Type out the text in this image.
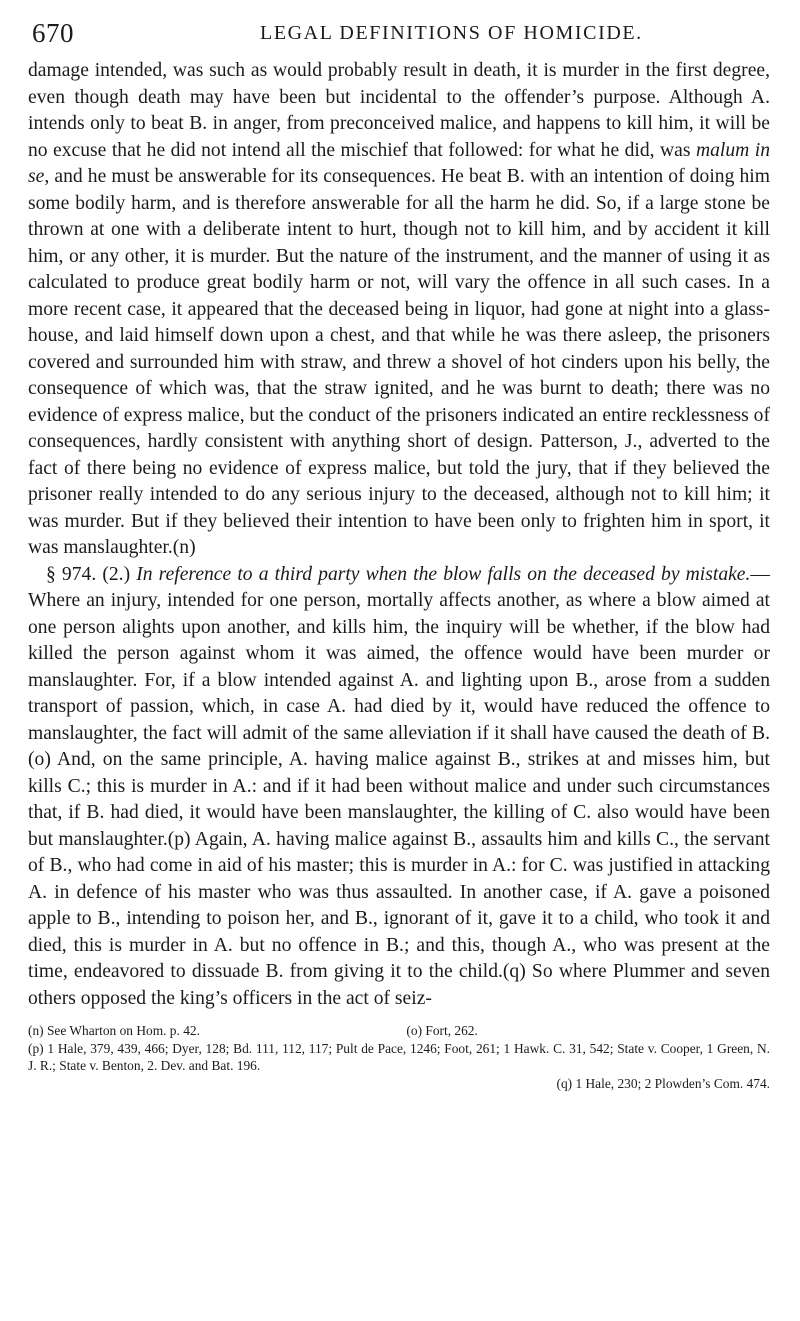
670	LEGAL DEFINITIONS OF HOMICIDE.

damage intended, was such as would probably result in death, it is murder in the first degree, even though death may have been but incidental to the offender’s purpose. Although A. intends only to beat B. in anger, from preconceived malice, and happens to kill him, it will be no excuse that he did not intend all the mischief that followed: for what he did, was malum in se, and he must be answerable for its consequences. He beat B. with an intention of doing him some bodily harm, and is therefore answerable for all the harm he did. So, if a large stone be thrown at one with a deliberate intent to hurt, though not to kill him, and by accident it kill him, or any other, it is murder. But the nature of the instrument, and the manner of using it as calculated to produce great bodily harm or not, will vary the offence in all such cases. In a more recent case, it appeared that the deceased being in liquor, had gone at night into a glass-house, and laid himself down upon a chest, and that while he was there asleep, the prisoners covered and surrounded him with straw, and threw a shovel of hot cinders upon his belly, the consequence of which was, that the straw ignited, and he was burnt to death; there was no evidence of express malice, but the conduct of the prisoners indicated an entire recklessness of consequences, hardly consistent with anything short of design. Patterson, J., adverted to the fact of there being no evidence of express malice, but told the jury, that if they believed the prisoner really intended to do any serious injury to the deceased, although not to kill him; it was murder. But if they believed their intention to have been only to frighten him in sport, it was manslaughter.(n)

§ 974. (2.) In reference to a third party when the blow falls on the deceased by mistake.—Where an injury, intended for one person, mortally affects another, as where a blow aimed at one person alights upon another, and kills him, the inquiry will be whether, if the blow had killed the person against whom it was aimed, the offence would have been murder or manslaughter. For, if a blow intended against A. and lighting upon B., arose from a sudden transport of passion, which, in case A. had died by it, would have reduced the offence to manslaughter, the fact will admit of the same alleviation if it shall have caused the death of B.(o) And, on the same principle, A. having malice against B., strikes at and misses him, but kills C.; this is murder in A.: and if it had been without malice and under such circumstances that, if B. had died, it would have been manslaughter, the killing of C. also would have been but manslaughter.(p) Again, A. having malice against B., assaults him and kills C., the servant of B., who had come in aid of his master; this is murder in A.: for C. was justified in attacking A. in defence of his master who was thus assaulted. In another case, if A. gave a poisoned apple to B., intending to poison her, and B., ignorant of it, gave it to a child, who took it and died, this is murder in A. but no offence in B.; and this, though A., who was present at the time, endeavored to dissuade B. from giving it to the child.(q) So where Plummer and seven others opposed the king’s officers in the act of seiz-

(n) See Wharton on Hom. p. 42.	(o) Fort, 262.

(p) 1 Hale, 379, 439, 466; Dyer, 128; Bd. 111, 112, 117; Pult de Pace, 1246; Foot, 261; 1 Hawk. C. 31, 542; State v. Cooper, 1 Green, N. J. R.; State v. Benton, 2. Dev. and Bat. 196.

(q) 1 Hale, 230; 2 Plowden’s Com. 474.
